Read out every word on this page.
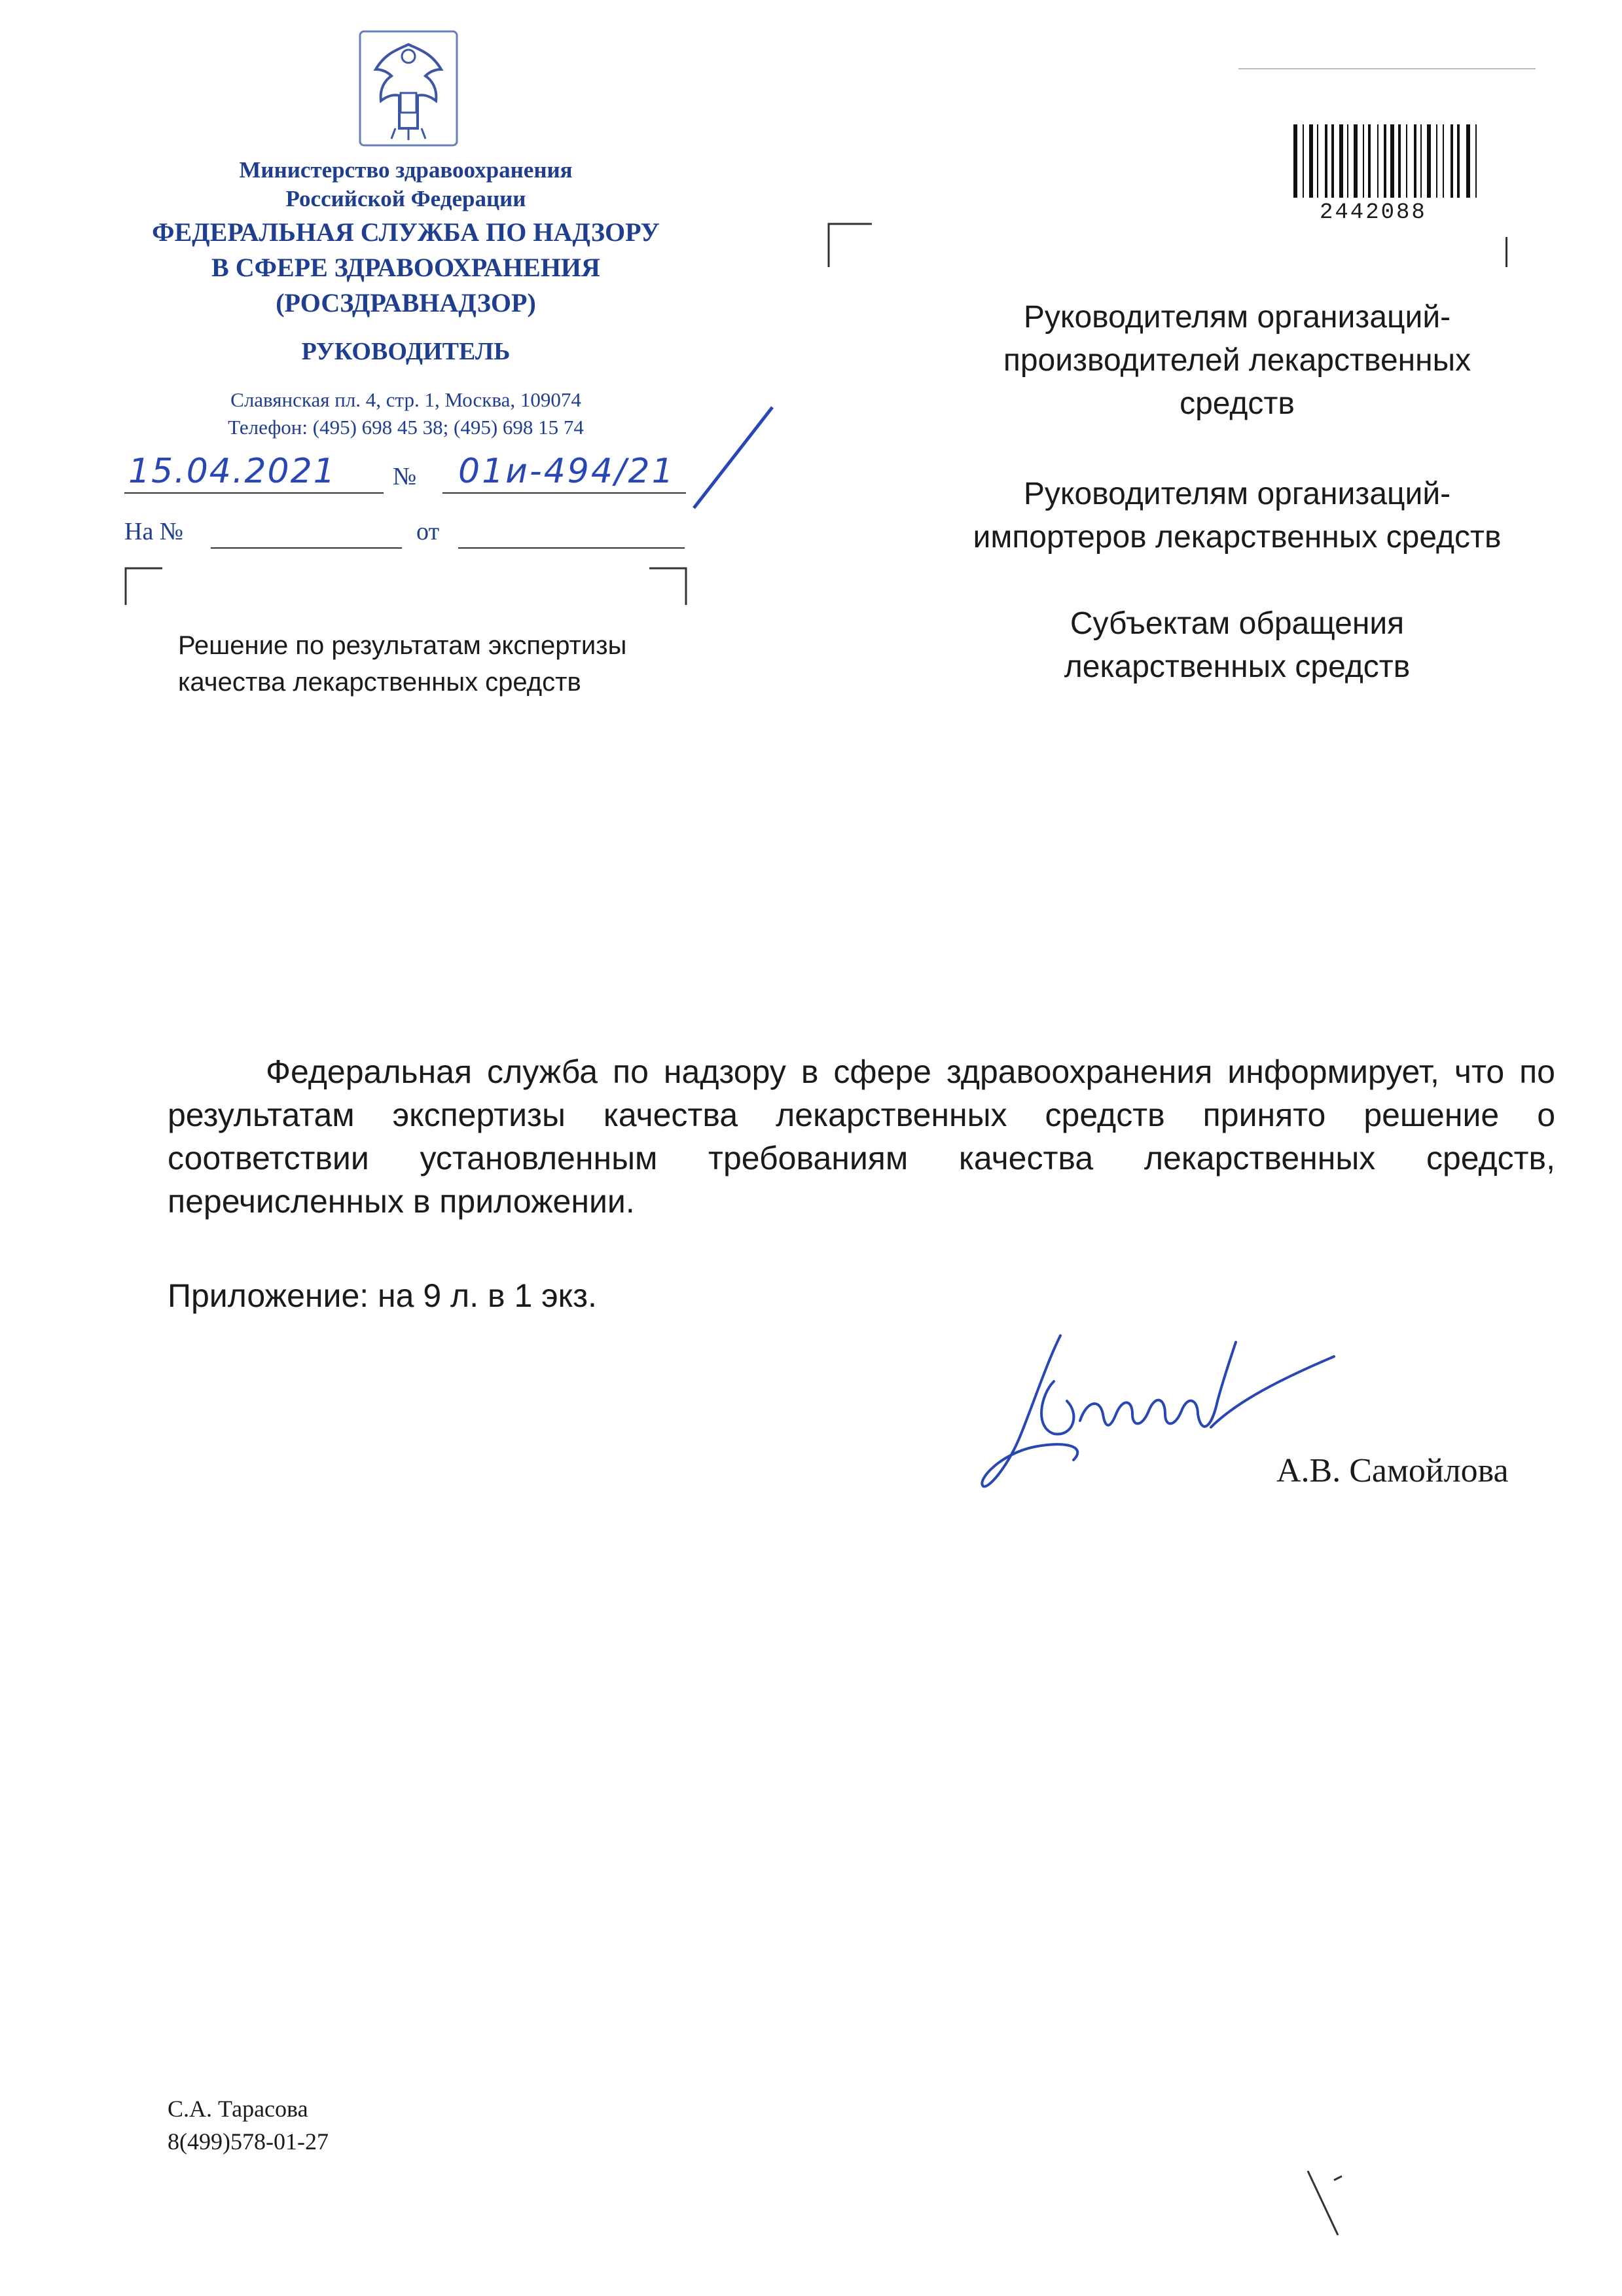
Министерство здравоохранения
Российской Федерации
ФЕДЕРАЛЬНАЯ СЛУЖБА ПО НАДЗОРУ
В СФЕРЕ ЗДРАВООХРАНЕНИЯ
(РОСЗДРАВНАДЗОР)
РУКОВОДИТЕЛЬ
Славянская пл. 4, стр. 1, Москва, 109074
Телефон: (495) 698 45 38; (495) 698 15 74
15.04.2021 № 01и-494/21
На №	от
2442088
Решение по результатам экспертизы
качества лекарственных средств
Руководителям организаций-
производителей лекарственных
средств
Руководителям организаций-
импортеров лекарственных средств
Субъектам обращения
лекарственных средств
Федеральная служба по надзору в сфере здравоохранения информирует, что по результатам экспертизы качества лекарственных средств принято решение о соответствии установленным требованиям качества лекарственных средств, перечисленных в приложении.
Приложение: на 9 л. в 1 экз.
А.В. Самойлова
С.А. Тарасова
8(499)578-01-27
